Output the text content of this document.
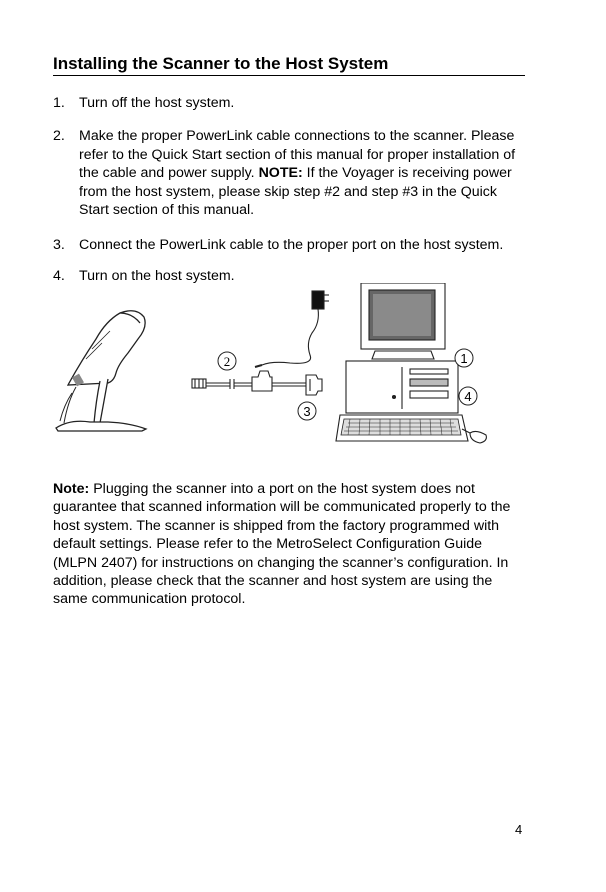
Installing the Scanner to the Host System
1. Turn off the host system.
2. Make the proper PowerLink cable connections to the scanner. Please refer to the Quick Start section of this manual for proper installation of the cable and power supply. NOTE: If the Voyager is receiving power from the host system, please skip step #2 and step #3 in the Quick Start section of this manual.
3. Connect the PowerLink cable to the proper port on the host system.
4. Turn on the host system.
1
2
3
4

Note: Plugging the scanner into a port on the host system does not guarantee that scanned information will be communicated properly to the host system. The scanner is shipped from the factory programmed with default settings. Please refer to the MetroSelect Configuration Guide (MLPN 2407) for instructions on changing the scanner’s configuration. In addition, please check that the scanner and host system are using the same communication protocol.

4
